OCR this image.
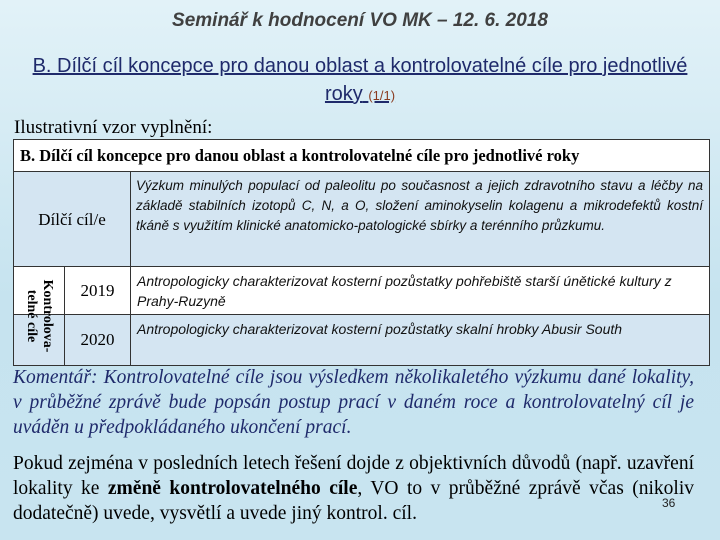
Seminář k hodnocení VO MK – 12. 6. 2018
B. Dílčí cíl koncepce pro danou oblast a kontrolovatelné cíle pro jednotlivé roky (1/1)
Ilustrativní vzor vyplnění:
B. Dílčí cíl koncepce pro danou oblast a kontrolovatelné cíle pro jednotlivé roky
Dílčí cíl/e
Výzkum minulých populací od paleolitu po současnost a jejich zdravotního stavu a léčby na základě stabilních izotopů C, N, a O, složení aminokyselin kolagenu a mikrodefektů kostní tkáně s využitím klinické anatomicko-patologické sbírky a terénního průzkumu.
2019	Antropologicky charakterizovat kosterní pozůstatky pohřebiště starší únětické kultury z Prahy-Ruzyně
2020
Antropologicky charakterizovat kosterní pozůstatky skalní hrobky Abusir South
Kontrolova-
telné cíle
Komentář: Kontrolovatelné cíle jsou výsledkem několikaletého výzkumu dané lokality, v průběžné zprávě bude popsán postup prací v daném roce a kontrolovatelný cíl je uváděn u předpokládaného ukončení prací.
Pokud zejména v posledních letech řešení dojde z objektivních důvodů (např. uzavření lokality ke změně kontrolovatelného cíle, VO to v průběžné zprávě včas (nikoliv dodatečně) uvede, vysvětlí a uvede jiný kontrol. cíl.	36
